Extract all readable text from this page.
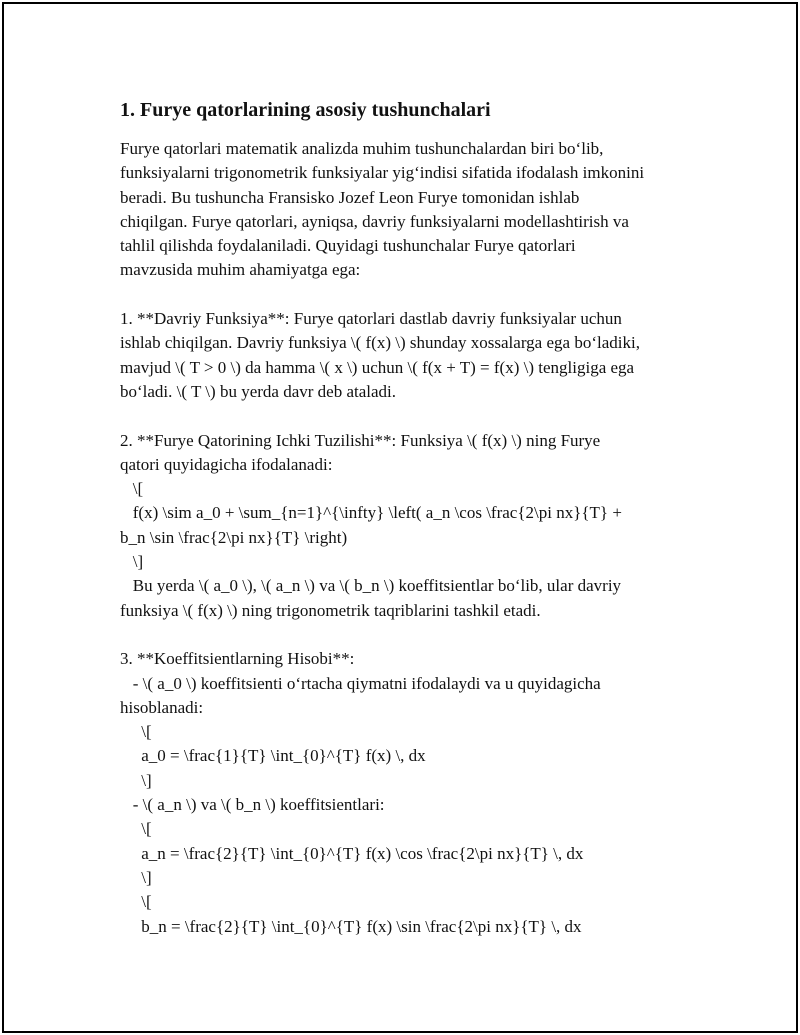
1. Furye qatorlarining asosiy tushunchalari
Furye qatorlari matematik analizda muhim tushunchalardan biri bo‘lib,
funksiyalarni trigonometrik funksiyalar yig‘indisi sifatida ifodalash imkonini
beradi. Bu tushuncha Fransisko Jozef Leon Furye tomonidan ishlab
chiqilgan. Furye qatorlari, ayniqsa, davriy funksiyalarni modellashtirish va
tahlil qilishda foydalaniladi. Quyidagi tushunchalar Furye qatorlari
mavzusida muhim ahamiyatga ega:
1. **Davriy Funksiya**: Furye qatorlari dastlab davriy funksiyalar uchun
ishlab chiqilgan. Davriy funksiya \( f(x) \) shunday xossalarga ega bo‘ladiki,
mavjud \( T > 0 \) da hamma \( x \) uchun \( f(x + T) = f(x) \) tengligiga ega
bo‘ladi. \( T \) bu yerda davr deb ataladi.
2. **Furye Qatorining Ichki Tuzilishi**: Funksiya \( f(x) \) ning Furye
qatori quyidagicha ifodalanadi:
\[
f(x) \sim a_0 + \sum_{n=1}^{\infty} \left( a_n \cos \frac{2\pi nx}{T} +
b_n \sin \frac{2\pi nx}{T} \right)
\]
Bu yerda \( a_0 \), \( a_n \) va \( b_n \) koeffitsientlar bo‘lib, ular davriy
funksiya \( f(x) \) ning trigonometrik taqriblarini tashkil etadi.
3. **Koeffitsientlarning Hisobi**:
- \( a_0 \) koeffitsienti o‘rtacha qiymatni ifodalaydi va u quyidagicha
hisoblanadi:
\[
a_0 = \frac{1}{T} \int_{0}^{T} f(x) \, dx
\]
- \( a_n \) va \( b_n \) koeffitsientlari:
\[
a_n = \frac{2}{T} \int_{0}^{T} f(x) \cos \frac{2\pi nx}{T} \, dx
\]
\[
b_n = \frac{2}{T} \int_{0}^{T} f(x) \sin \frac{2\pi nx}{T} \, dx
